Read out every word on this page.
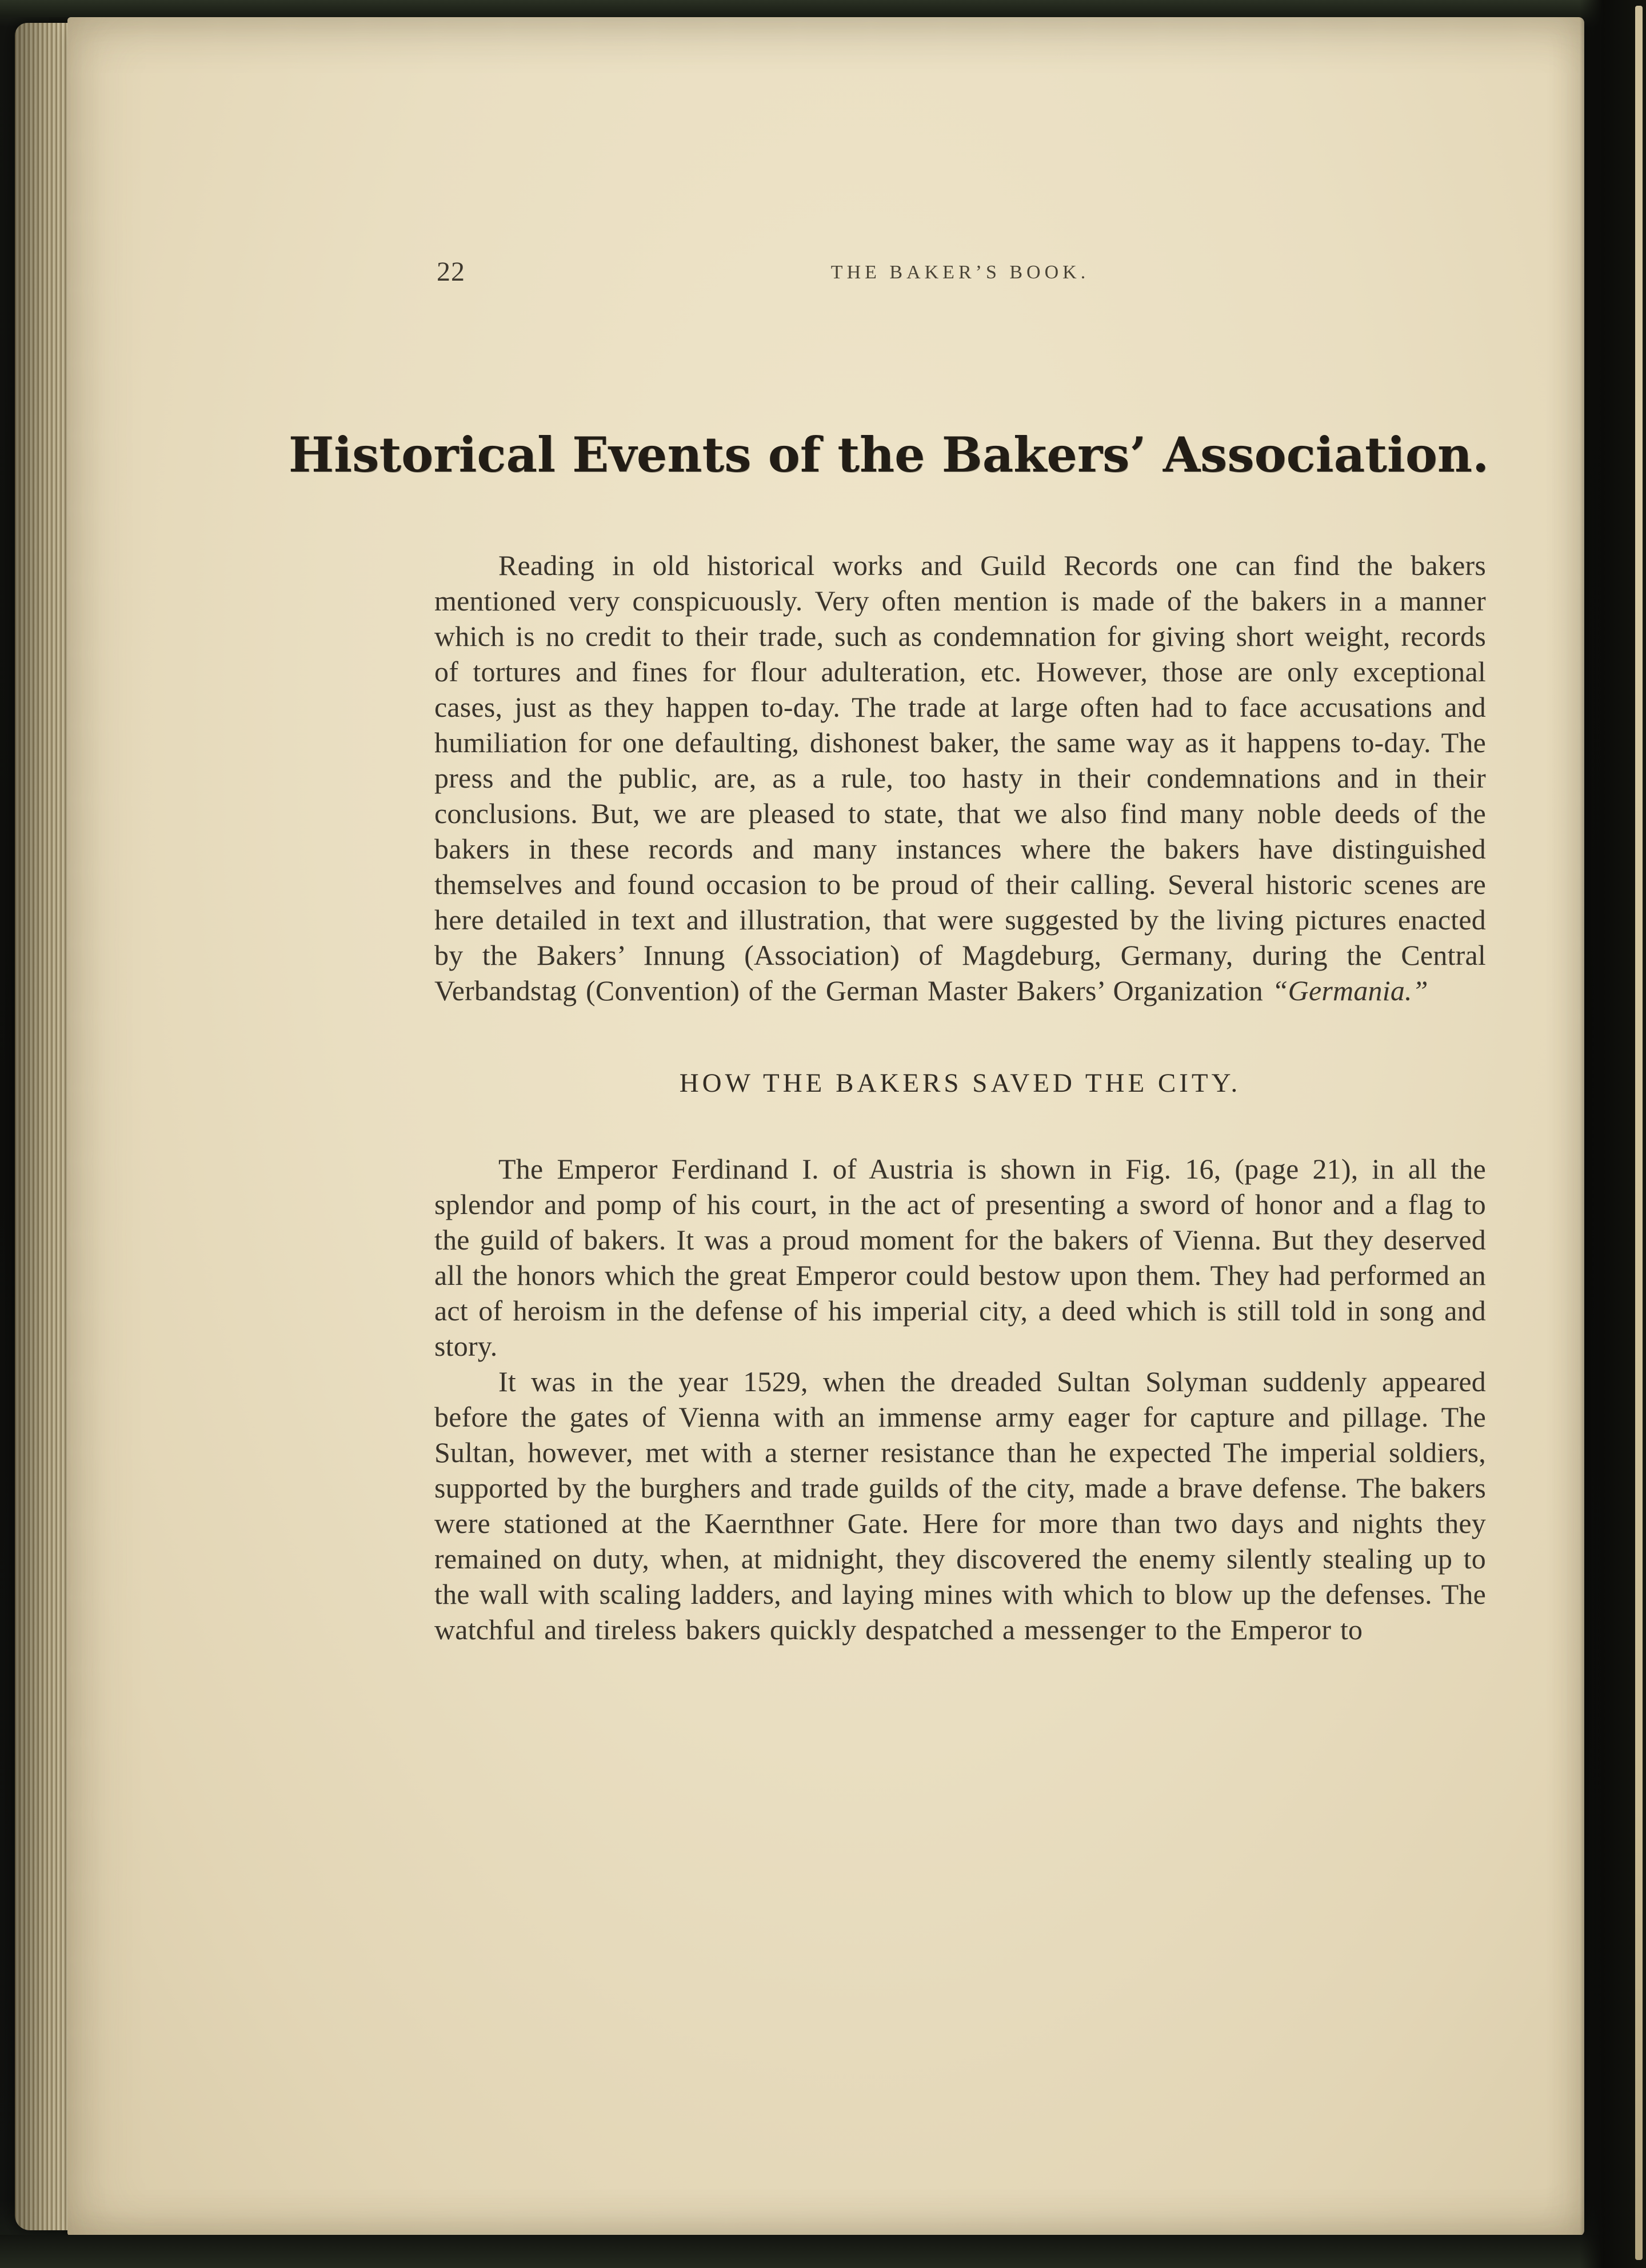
22	THE BAKER’S BOOK.
Historical Events of the Bakers’ Association.

Reading in old historical works and Guild Records one can find the bakers mentioned very conspicuously. Very often mention is made of the bakers in a manner which is no credit to their trade, such as condemnation for giving short weight, records of tortures and fines for flour adulteration, etc. However, those are only exceptional cases, just as they happen to-day. The trade at large often had to face accusations and humiliation for one defaulting, dishonest baker, the same way as it happens to-day. The press and the public, are, as a rule, too hasty in their condemnations and in their conclusions. But, we are pleased to state, that we also find many noble deeds of the bakers in these records and many instances where the bakers have distinguished themselves and found occasion to be proud of their calling. Several historic scenes are here detailed in text and illustration, that were suggested by the living pictures enacted by the Bakers’ Innung (Association) of Magdeburg, Germany, during the Central Verbandstag (Convention) of the German Master Bakers’ Organization “Germania.”

HOW THE BAKERS SAVED THE CITY.

The Emperor Ferdinand I. of Austria is shown in Fig. 16, (page 21), in all the splendor and pomp of his court, in the act of presenting a sword of honor and a flag to the guild of bakers. It was a proud moment for the bakers of Vienna. But they deserved all the honors which the great Emperor could bestow upon them. They had performed an act of heroism in the defense of his imperial city, a deed which is still told in song and story.

It was in the year 1529, when the dreaded Sultan Solyman suddenly appeared before the gates of Vienna with an immense army eager for capture and pillage. The Sultan, however, met with a sterner resistance than he expected The imperial soldiers, supported by the burghers and trade guilds of the city, made a brave defense. The bakers were stationed at the Kaernthner Gate. Here for more than two days and nights they remained on duty, when, at midnight, they discovered the enemy silently stealing up to the wall with scaling ladders, and laying mines with which to blow up the defenses. The watchful and tireless bakers quickly despatched a messenger to the Emperor to
